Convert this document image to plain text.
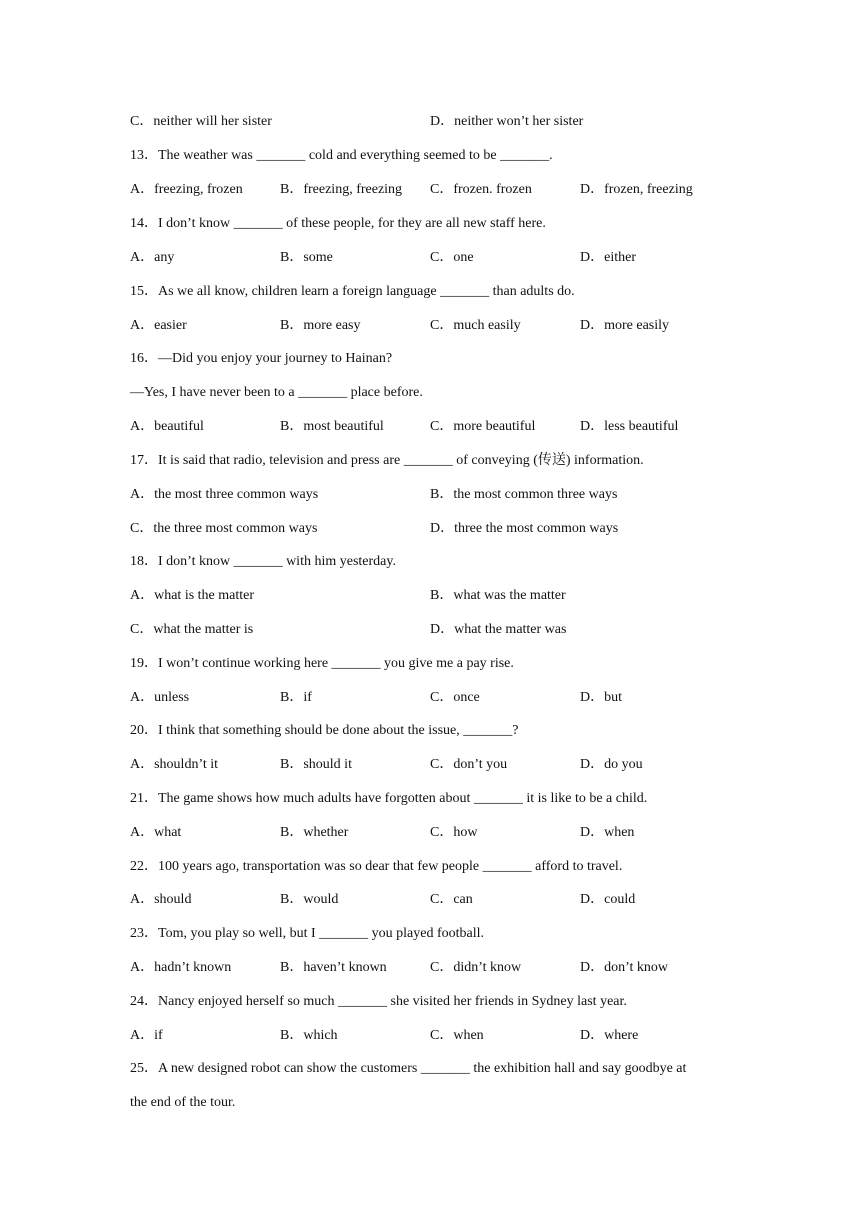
C．neither will her sister	D．neither won’t her sister
13．The weather was _______ cold and everything seemed to be _______.
A．freezing, frozen	B．freezing, freezing C．frozen. frozen	D．frozen, freezing
14．I don’t know _______ of these people, for they are all new staff here.
A．any	B．some	C．one	D．either
15．As we all know, children learn a foreign language _______ than adults do.
A．easier	B．more easy	C．much easily	D．more easily
16．—Did you enjoy your journey to Hainan?
—Yes, I have never been to a _______ place before.
A．beautiful	B．most beautiful	C．more beautiful	D．less beautiful
17．It is said that radio, television and press are _______ of conveying (传送) information.
A．the most three common ways	B．the most common three ways
C．the three most common ways	D．three the most common ways
18．I don’t know _______ with him yesterday.
A．what is the matter	B．what was the matter
C．what the matter is	D．what the matter was
19．I won’t continue working here _______ you give me a pay rise.
A．unless	B．if	C．once	D．but
20．I think that something should be done about the issue, _______?
A．shouldn’t it	B．should it	C．don’t you	D．do you
21．The game shows how much adults have forgotten about _______ it is like to be a child.
A．what	B．whether	C．how	D．when
22．100 years ago, transportation was so dear that few people _______ afford to travel.
A．should	B．would	C．can	D．could
23．Tom, you play so well, but I _______ you played football.
A．hadn’t known	B．haven’t known	C．didn’t know	D．don’t know
24．Nancy enjoyed herself so much _______ she visited her friends in Sydney last year.
A．if	B．which	C．when	D．where
25．A new designed robot can show the customers _______ the exhibition hall and say goodbye at
the end of the tour.
